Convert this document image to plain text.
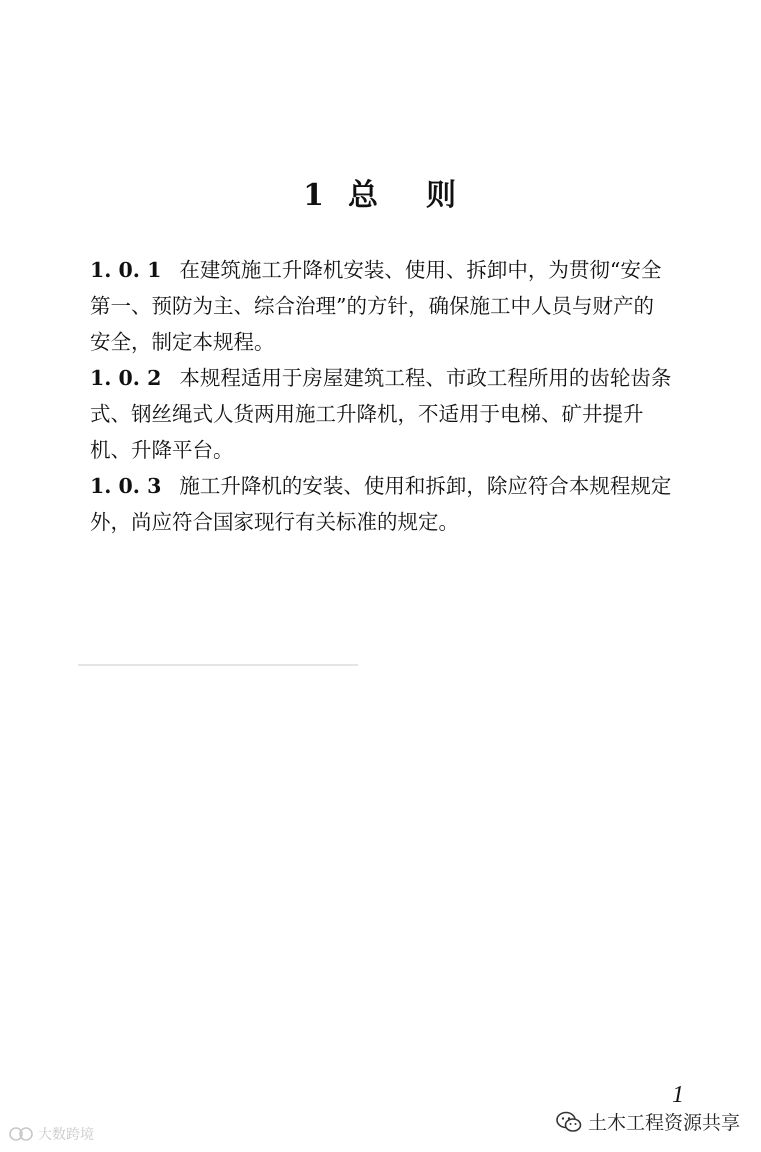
1 总 则
1. 0. 1 在建筑施工升降机安装、使用、拆卸中，为贯彻“安全
第一、预防为主、综合治理”的方针，确保施工中人员与财产的
安全，制定本规程。
1. 0. 2 本规程适用于房屋建筑工程、市政工程所用的齿轮齿条
式、钢丝绳式人货两用施工升降机，不适用于电梯、矿井提升
机、升降平台。
1. 0. 3 施工升降机的安装、使用和拆卸，除应符合本规程规定
外，尚应符合国家现行有关标准的规定。
1
土木工程资源共享
大数跨境
